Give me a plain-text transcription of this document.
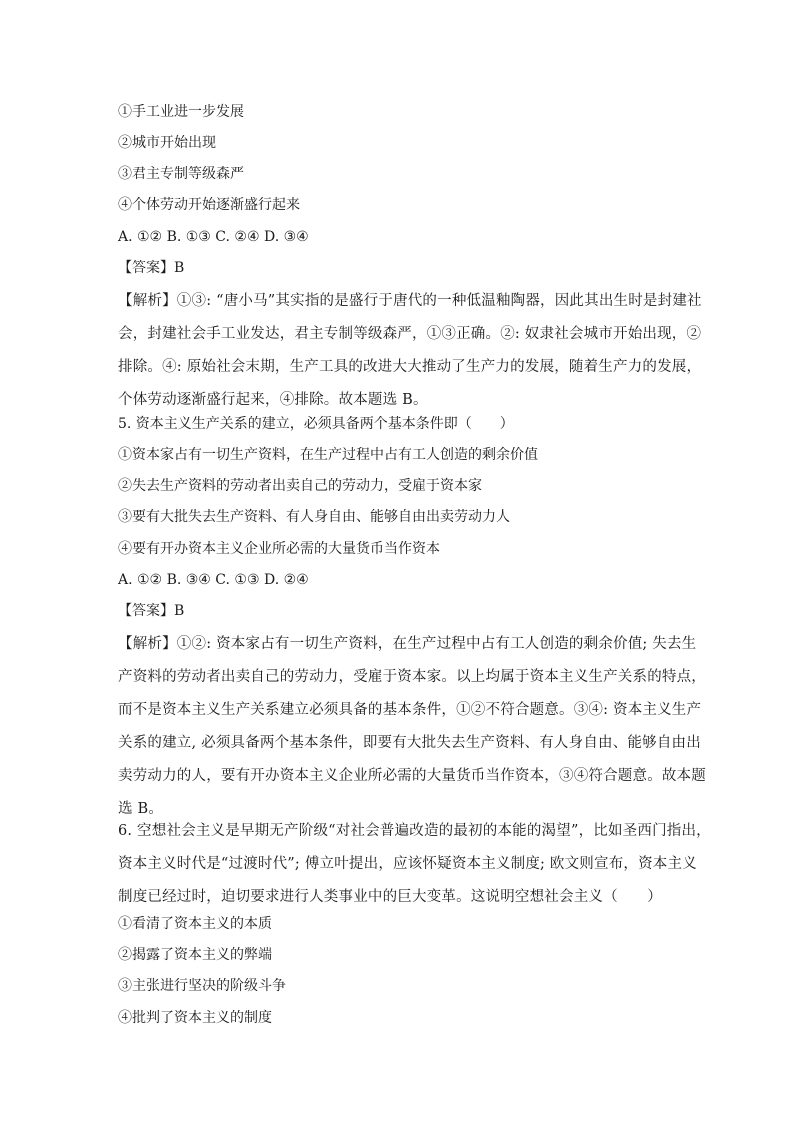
①手工业进一步发展
②城市开始出现
③君主专制等级森严
④个体劳动开始逐渐盛行起来
A. ①② B. ①③ C. ②④ D. ③④
【答案】B
【解析】①③: “唐小马”其实指的是盛行于唐代的一种低温釉陶器，因此其出生时是封建社
会，封建社会手工业发达，君主专制等级森严，①③正确。②: 奴隶社会城市开始出现，②
排除。④: 原始社会末期，生产工具的改进大大推动了生产力的发展，随着生产力的发展，
个体劳动逐渐盛行起来，④排除。故本题选 B。
5. 资本主义生产关系的建立，必须具备两个基本条件即（　　）
①资本家占有一切生产资料，在生产过程中占有工人创造的剩余价值
②失去生产资料的劳动者出卖自己的劳动力，受雇于资本家
③要有大批失去生产资料、有人身自由、能够自由出卖劳动力人
④要有开办资本主义企业所必需的大量货币当作资本
A. ①② B. ③④ C. ①③ D. ②④
【答案】B
【解析】①②: 资本家占有一切生产资料，在生产过程中占有工人创造的剩余价值; 失去生
产资料的劳动者出卖自己的劳动力，受雇于资本家。以上均属于资本主义生产关系的特点，
而不是资本主义生产关系建立必须具备的基本条件，①②不符合题意。③④: 资本主义生产
关系的建立, 必须具备两个基本条件，即要有大批失去生产资料、有人身自由、能够自由出
卖劳动力的人，要有开办资本主义企业所必需的大量货币当作资本，③④符合题意。故本题
选 B。
6. 空想社会主义是早期无产阶级“对社会普遍改造的最初的本能的渴望”，比如圣西门指出，
资本主义时代是“过渡时代”; 傅立叶提出，应该怀疑资本主义制度; 欧文则宣布，资本主义
制度已经过时，迫切要求进行人类事业中的巨大变革。这说明空想社会主义（　　）
①看清了资本主义的本质
②揭露了资本主义的弊端
③主张进行坚决的阶级斗争
④批判了资本主义的制度
